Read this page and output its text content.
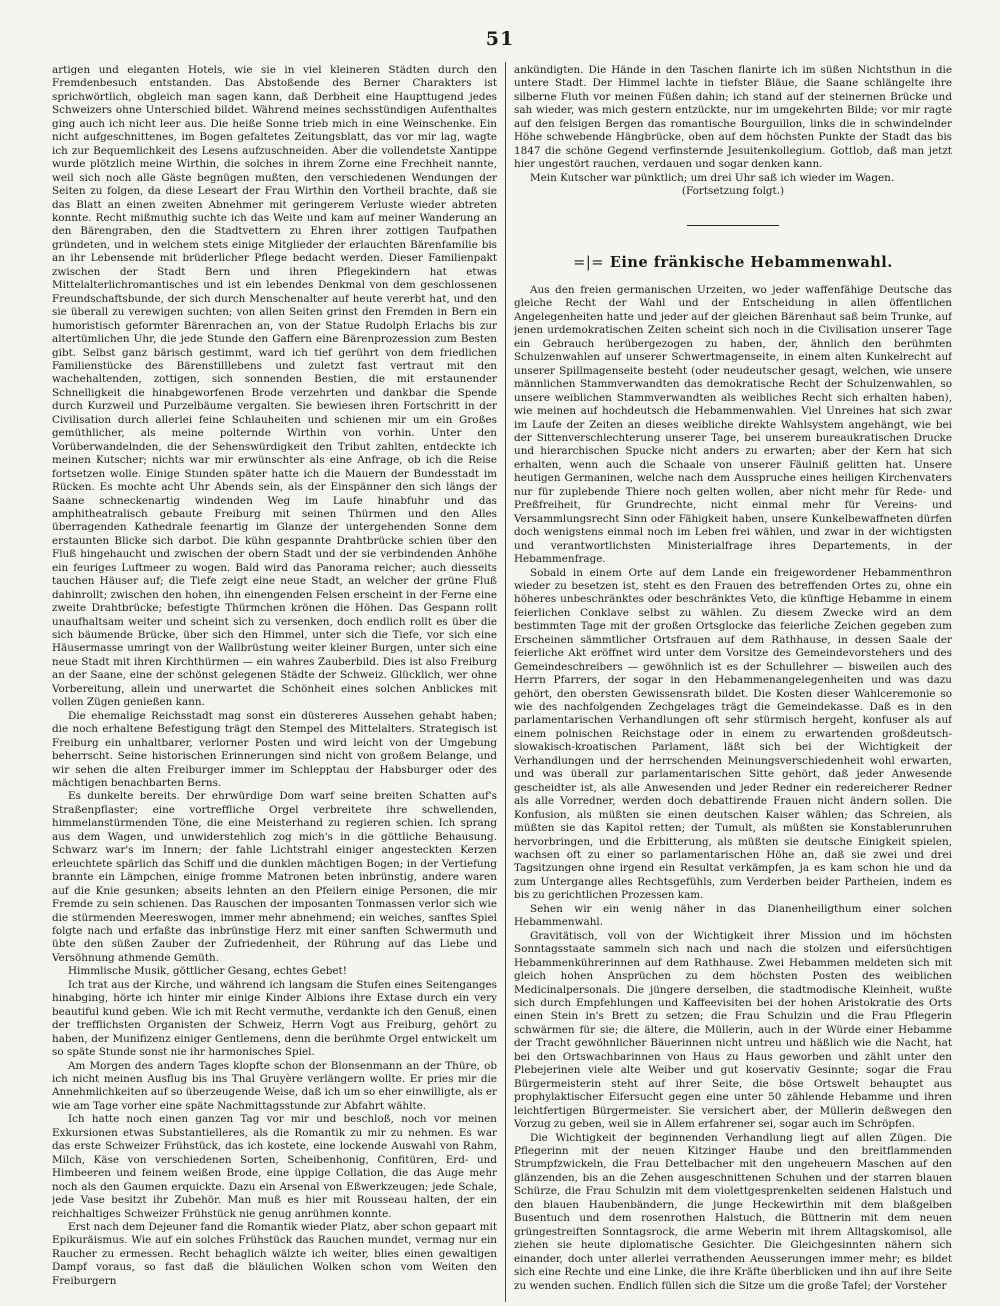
51

artigen und eleganten Hotels, wie sie in viel kleineren Städten durch den Fremdenbesuch entstanden. Das Abstoßende des Berner Charakters ist sprichwörtlich, obgleich man sagen kann, daß Derbheit eine Haupttugend jedes Schweizers ohne Unterschied bildet. Während meines sechsstündigen Aufenthaltes ging auch ich nicht leer aus. Die heiße Sonne trieb mich in eine Weinschenke. Ein nicht aufgeschnittenes, im Bogen gefaltetes Zeitungsblatt, das vor mir lag, wagte ich zur Bequemlichkeit des Lesens aufzuschneiden. Aber die vollendetste Xantippe wurde plötzlich meine Wirthin, die solches in ihrem Zorne eine Frechheit nannte, weil sich noch alle Gäste begnügen mußten, den verschiedenen Wendungen der Seiten zu folgen, da diese Leseart der Frau Wirthin den Vortheil brachte, daß sie das Blatt an einen zweiten Abnehmer mit geringerem Verluste wieder abtreten konnte. Recht mißmuthig suchte ich das Weite und kam auf meiner Wanderung an den Bärengraben, den die Stadtvettern zu Ehren ihrer zottigen Taufpathen gründeten, und in welchem stets einige Mitglieder der erlauchten Bärenfamilie bis an ihr Lebensende mit brüderlicher Pflege bedacht werden. Dieser Familienpakt zwischen der Stadt Bern und ihren Pflegekindern hat etwas Mittelalterlichromantisches und ist ein lebendes Denkmal von dem geschlossenen Freundschaftsbunde, der sich durch Menschenalter auf heute vererbt hat, und den sie überall zu verewigen suchten; von allen Seiten grinst den Fremden in Bern ein humoristisch geformter Bärenrachen an, von der Statue Rudolph Erlachs bis zur altertümlichen Uhr, die jede Stunde den Gaffern eine Bärenprozession zum Besten gibt. Selbst ganz bärisch gestimmt, ward ich tief gerührt von dem friedlichen Familienstücke des Bärenstilllebens und zuletzt fast vertraut mit den wachehaltenden, zottigen, sich sonnenden Bestien, die mit erstaunender Schnelligkeit die hinabgeworfenen Brode verzehrten und dankbar die Spende durch Kurzweil und Purzelbäume vergalten. Sie bewiesen ihren Fortschritt in der Civilisation durch allerlei feine Schlauheiten und schienen mir um ein Großes gemüthlicher, als meine polternde Wirthin von vorhin. Unter den Vorüberwandelnden, die der Sehenswürdigkeit den Tribut zahlten, entdeckte ich meinen Kutscher; nichts war mir erwünschter als eine Anfrage, ob ich die Reise fortsetzen wolle. Einige Stunden später hatte ich die Mauern der Bundesstadt im Rücken. Es mochte acht Uhr Abends sein, als der Einspänner den sich längs der Saane schneckenartig windenden Weg im Laufe hinabfuhr und das amphitheatralisch gebaute Freiburg mit seinen Thürmen und den Alles überragenden Kathedrale feenartig im Glanze der untergehenden Sonne dem erstaunten Blicke sich darbot. Die kühn gespannte Drahtbrücke schien über den Fluß hingehaucht und zwischen der obern Stadt und der sie verbindenden Anhöhe ein feuriges Luftmeer zu wogen. Bald wird das Panorama reicher; auch diesseits tauchen Häuser auf; die Tiefe zeigt eine neue Stadt, an welcher der grüne Fluß dahinrollt; zwischen den hohen, ihn einengenden Felsen erscheint in der Ferne eine zweite Drahtbrücke; befestigte Thürmchen krönen die Höhen. Das Gespann rollt unaufhaltsam weiter und scheint sich zu versenken, doch endlich rollt es über die sich bäumende Brücke, über sich den Himmel, unter sich die Tiefe, vor sich eine Häusermasse umringt von der Wallbrüstung weiter kleiner Burgen, unter sich eine neue Stadt mit ihren Kirchthürmen — ein wahres Zauberbild. Dies ist also Freiburg an der Saane, eine der schönst gelegenen Städte der Schweiz. Glücklich, wer ohne Vorbereitung, allein und unerwartet die Schönheit eines solchen Anblickes mit vollen Zügen genießen kann.

Die ehemalige Reichsstadt mag sonst ein düstereres Aussehen gehabt haben; die noch erhaltene Befestigung trägt den Stempel des Mittelalters. Strategisch ist Freiburg ein unhaltbarer, verlorner Posten und wird leicht von der Umgebung beherrscht. Seine historischen Erinnerungen sind nicht von großem Belange, und wir sehen die alten Freiburger immer im Schlepptau der Habsburger oder des mächtigen benachbarten Berns.

Es dunkelte bereits. Der ehrwürdige Dom warf seine breiten Schatten auf's Straßenpflaster; eine vortreffliche Orgel verbreitete ihre schwellenden, himmelanstürmenden Töne, die eine Meisterhand zu regieren schien. Ich sprang aus dem Wagen, und unwiderstehlich zog mich's in die göttliche Behausung. Schwarz war's im Innern; der fahle Lichtstrahl einiger angesteckten Kerzen erleuchtete spärlich das Schiff und die dunklen mächtigen Bogen; in der Vertiefung brannte ein Lämpchen, einige fromme Matronen beten inbrünstig, andere waren auf die Knie gesunken; abseits lehnten an den Pfeilern einige Personen, die mir Fremde zu sein schienen. Das Rauschen der imposanten Tonmassen verlor sich wie die stürmenden Meereswogen, immer mehr abnehmend; ein weiches, sanftes Spiel folgte nach und erfaßte das inbrünstige Herz mit einer sanften Schwermuth und übte den süßen Zauber der Zufriedenheit, der Rührung auf das Liebe und Versöhnung athmende Gemüth.

Himmlische Musik, göttlicher Gesang, echtes Gebet!

Ich trat aus der Kirche, und während ich langsam die Stufen eines Seitenganges hinabging, hörte ich hinter mir einige Kinder Albions ihre Extase durch ein very beautiful kund geben. Wie ich mit Recht vermuthe, verdankte ich den Genuß, einen der trefflichsten Organisten der Schweiz, Herrn Vogt aus Freiburg, gehört zu haben, der Munifizenz einiger Gentlemens, denn die berühmte Orgel entwickelt um so späte Stunde sonst nie ihr harmonisches Spiel.

Am Morgen des andern Tages klopfte schon der Blonsenmann an der Thüre, ob ich nicht meinen Ausflug bis ins Thal Gruyère verlängern wollte. Er pries mir die Annehmlichkeiten auf so überzeugende Weise, daß ich um so eher einwilligte, als er wie am Tage vorher eine späte Nachmittagsstunde zur Abfahrt wählte.

Ich hatte noch einen ganzen Tag vor mir und beschloß, noch vor meinen Exkursionen etwas Substantielleres, als die Romantik zu mir zu nehmen. Es war das erste Schweizer Frühstück, das ich kostete, eine lockende Auswahl von Rahm, Milch, Käse von verschiedenen Sorten, Scheibenhonig, Confitüren, Erd- und Himbeeren und feinem weißen Brode, eine üppige Collation, die das Auge mehr noch als den Gaumen erquickte. Dazu ein Arsenal von Eßwerkzeugen; jede Schale, jede Vase besitzt ihr Zubehör. Man muß es hier mit Rousseau halten, der ein reichhaltiges Schweizer Frühstück nie genug anrühmen konnte.

Erst nach dem Dejeuner fand die Romantik wieder Platz, aber schon gepaart mit Epikuräismus. Wie auf ein solches Frühstück das Rauchen mundet, vermag nur ein Raucher zu ermessen. Recht behaglich wälzte ich weiter, blies einen gewaltigen Dampf voraus, so fast daß die bläulichen Wolken schon vom Weiten den Freiburgern

ankündigten. Die Hände in den Taschen flanirte ich im süßen Nichtsthun in die untere Stadt. Der Himmel lachte in tiefster Bläue, die Saane schlängelte ihre silberne Fluth vor meinen Füßen dahin; ich stand auf der steinernen Brücke und sah wieder, was mich gestern entzückte, nur im umgekehrten Bilde; vor mir ragte auf den felsigen Bergen das romantische Bourguillon, links die in schwindelnder Höhe schwebende Hängbrücke, oben auf dem höchsten Punkte der Stadt das bis 1847 die schöne Gegend verfinsternde Jesuitenkollegium. Gottlob, daß man jetzt hier ungestört rauchen, verdauen und sogar denken kann.

Mein Kutscher war pünktlich; um drei Uhr saß ich wieder im Wagen.

(Fortsetzung folgt.)

=|= Eine fränkische Hebammenwahl.

Aus den freien germanischen Urzeiten, wo jeder waffenfähige Deutsche das gleiche Recht der Wahl und der Entscheidung in allen öffentlichen Angelegenheiten hatte und jeder auf der gleichen Bärenhaut saß beim Trunke, auf jenen urdemokratischen Zeiten scheint sich noch in die Civilisation unserer Tage ein Gebrauch herübergezogen zu haben, der, ähnlich den berühmten Schulzenwahlen auf unserer Schwertmagenseite, in einem alten Kunkelrecht auf unserer Spillmagenseite besteht (oder neudeutscher gesagt, welchen, wie unsere männlichen Stammverwandten das demokratische Recht der Schulzenwahlen, so unsere weiblichen Stammverwandten als weibliches Recht sich erhalten haben), wie meinen auf hochdeutsch die Hebammenwahlen. Viel Unreines hat sich zwar im Laufe der Zeiten an dieses weibliche direkte Wahlsystem angehängt, wie bei der Sittenverschlechterung unserer Tage, bei unserem bureaukratischen Drucke und hierarchischen Spucke nicht anders zu erwarten; aber der Kern hat sich erhalten, wenn auch die Schaale von unserer Fäulniß gelitten hat. Unsere heutigen Germaninen, welche nach dem Ausspruche eines heiligen Kirchenvaters nur für zuplebende Thiere noch gelten wollen, aber nicht mehr für Rede- und Preßfreiheit, für Grundrechte, nicht einmal mehr für Vereins- und Versammlungsrecht Sinn oder Fähigkeit haben, unsere Kunkelbewaffneten dürfen doch wenigstens einmal noch im Leben frei wählen, und zwar in der wichtigsten und verantwortlichsten Ministerialfrage ihres Departements, in der Hebammenfrage.

Sobald in einem Orte auf dem Lande ein freigewordener Hebammenthron wieder zu besetzen ist, steht es den Frauen des betreffenden Ortes zu, ohne ein höheres unbeschränktes oder beschränktes Veto, die künftige Hebamme in einem feierlichen Conklave selbst zu wählen. Zu diesem Zwecke wird an dem bestimmten Tage mit der großen Ortsglocke das feierliche Zeichen gegeben zum Erscheinen sämmtlicher Ortsfrauen auf dem Rathhause, in dessen Saale der feierliche Akt eröffnet wird unter dem Vorsitze des Gemeindevorstehers und des Gemeindeschreibers — gewöhnlich ist es der Schullehrer — bisweilen auch des Herrn Pfarrers, der sogar in den Hebammenangelegenheiten und was dazu gehört, den obersten Gewissensrath bildet. Die Kosten dieser Wahlceremonie so wie des nachfolgenden Zechgelages trägt die Gemeindekasse. Daß es in den parlamentarischen Verhandlungen oft sehr stürmisch hergeht, konfuser als auf einem polnischen Reichstage oder in einem zu erwartenden großdeutsch-slowakisch-kroatischen Parlament, läßt sich bei der Wichtigkeit der Verhandlungen und der herrschenden Meinungsverschiedenheit wohl erwarten, und was überall zur parlamentarischen Sitte gehört, daß jeder Anwesende gescheidter ist, als alle Anwesenden und jeder Redner ein redereicherer Redner als alle Vorredner, werden doch debattirende Frauen nicht ändern sollen. Die Konfusion, als müßten sie einen deutschen Kaiser wählen; das Schreien, als müßten sie das Kapitol retten; der Tumult, als müßten sie Konstablerunruhen hervorbringen, und die Erbitterung, als müßten sie deutsche Einigkeit spielen, wachsen oft zu einer so parlamentarischen Höhe an, daß sie zwei und drei Tagsitzungen ohne irgend ein Resultat verkämpfen, ja es kam schon hie und da zum Untergange alles Rechtsgefühls, zum Verderben beider Partheien, indem es bis zu gerichtlichen Prozessen kam.

Sehen wir ein wenig näher in das Dianenheiligthum einer solchen Hebammenwahl.

Gravitätisch, voll von der Wichtigkeit ihrer Mission und im höchsten Sonntagsstaate sammeln sich nach und nach die stolzen und eifersüchtigen Hebammenkührerinnen auf dem Rathhause. Zwei Hebammen meldeten sich mit gleich hohen Ansprüchen zu dem höchsten Posten des weiblichen Medicinalpersonals. Die jüngere derselben, die stadtmodische Kleinheit, wußte sich durch Empfehlungen und Kaffeevisiten bei der hohen Aristokratie des Orts einen Stein in's Brett zu setzen; die Frau Schulzin und die Frau Pflegerin schwärmen für sie; die ältere, die Müllerin, auch in der Würde einer Hebamme der Tracht gewöhnlicher Bäuerinnen nicht untreu und häßlich wie die Nacht, hat bei den Ortswachbarinnen von Haus zu Haus geworben und zählt unter den Plebejerinen viele alte Weiber und gut koservativ Gesinnte; sogar die Frau Bürgermeisterin steht auf ihrer Seite, die böse Ortswelt behauptet aus prophylaktischer Eifersucht gegen eine unter 50 zählende Hebamme und ihren leichtfertigen Bürgermeister. Sie versichert aber, der Müllerin deßwegen den Vorzug zu geben, weil sie in Allem erfahrener sei, sogar auch im Schröpfen.

Die Wichtigkeit der beginnenden Verhandlung liegt auf allen Zügen. Die Pflegerinn mit der neuen Kitzinger Haube und den breitflammenden Strumpfzwickeln, die Frau Dettelbacher mit den ungeheuern Maschen auf den glänzenden, bis an die Zehen ausgeschnittenen Schuhen und der starren blauen Schürze, die Frau Schulzin mit dem violettgesprenkelten seidenen Halstuch und den blauen Haubenbändern, die junge Heckewirthin mit dem blaßgelben Busentuch und dem rosenrothen Halstuch, die Büttnerin mit dem neuen grüngestreiften Sonntagsrock, die arme Weberin mit ihrem Alltagskomisol, alle ziehen sie heute diplomatische Gesichter. Die Gleichgesinnten nähern sich einander, doch unter allerlei verrathenden Aeusserungen immer mehr; es bildet sich eine Rechte und eine Linke, die ihre Kräfte überblicken und ihn auf ihre Seite zu wenden suchen. Endlich füllen sich die Sitze um die große Tafel; der Vorsteher
